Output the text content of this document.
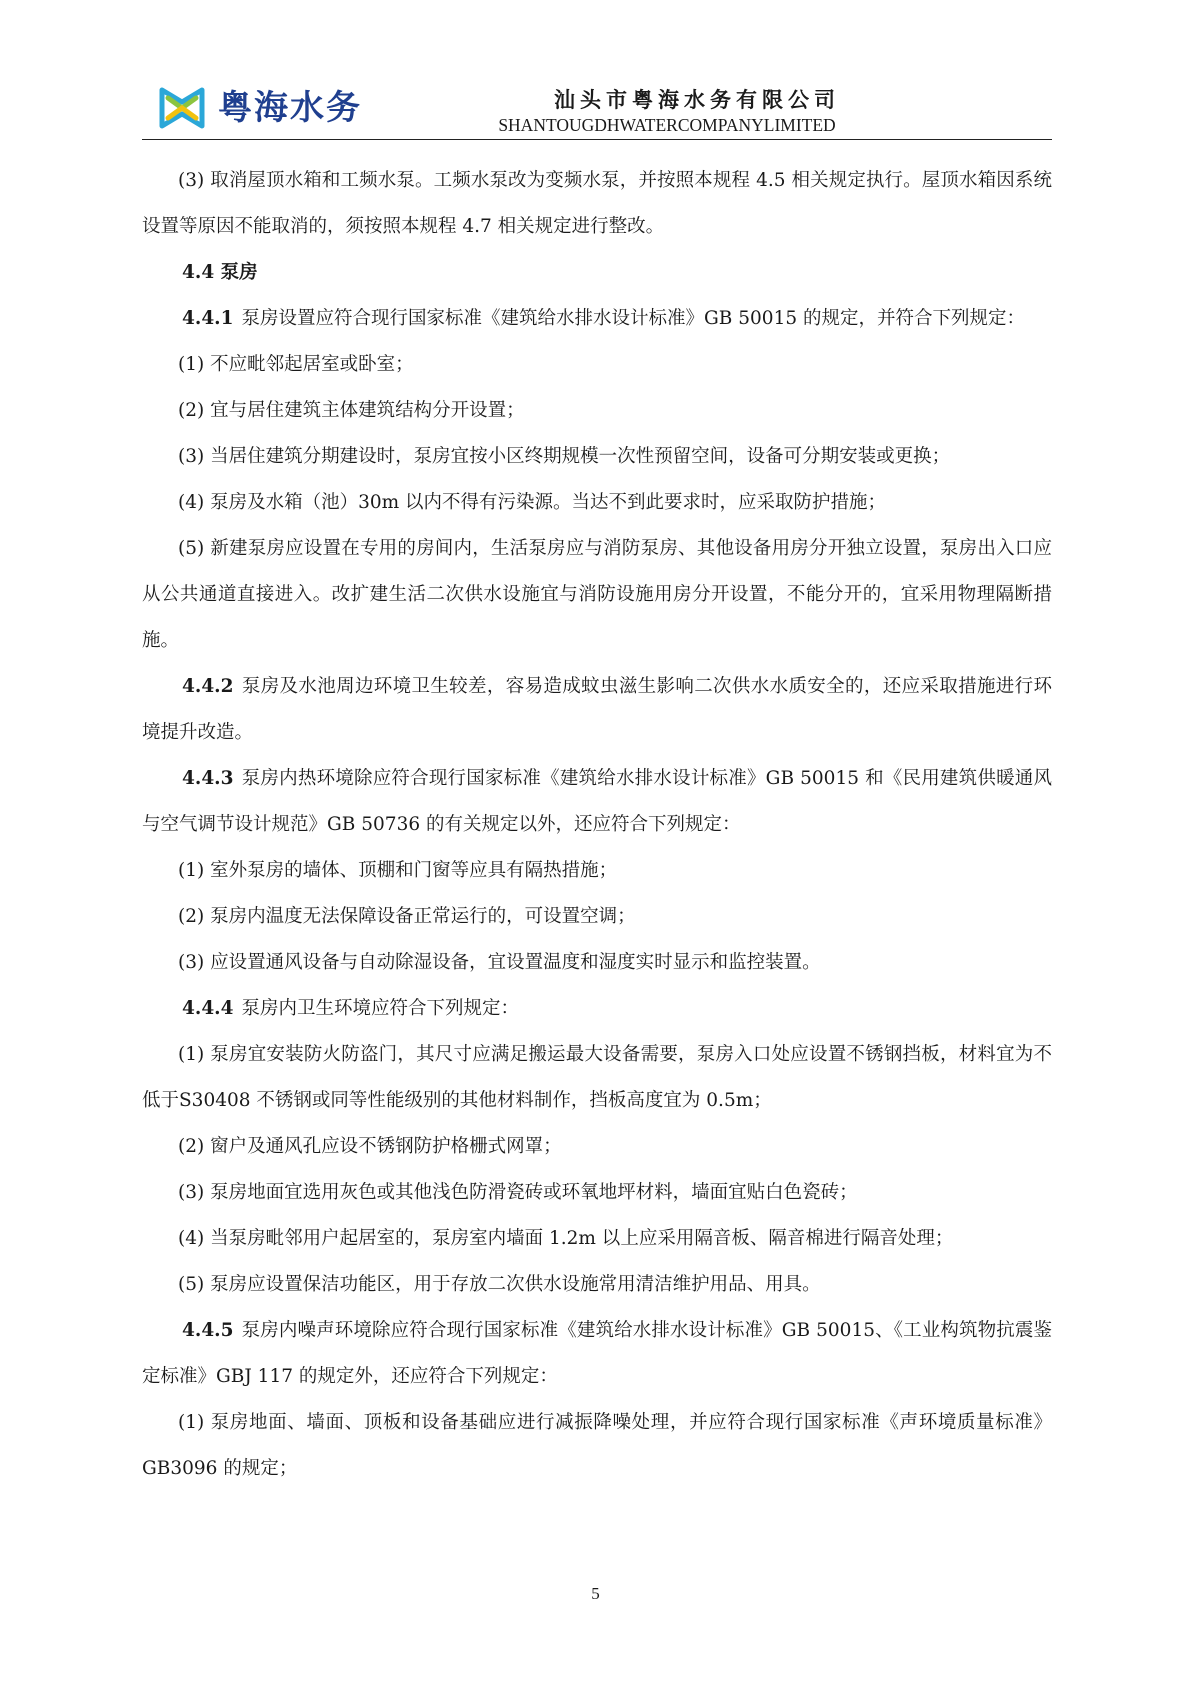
粤海水务	汕头市粤海水务有限公司
SHANTOUGDHWATERCOMPANYLIMITED

(3) 取消屋顶水箱和工频水泵。工频水泵改为变频水泵，并按照本规程 4.5 相关规定执行。屋顶水箱因系统设置等原因不能取消的，须按照本规程 4.7 相关规定进行整改。

4.4 泵房

4.4.1 泵房设置应符合现行国家标准《建筑给水排水设计标准》GB 50015 的规定，并符合下列规定：

(1) 不应毗邻起居室或卧室；

(2) 宜与居住建筑主体建筑结构分开设置；

(3) 当居住建筑分期建设时，泵房宜按小区终期规模一次性预留空间，设备可分期安装或更换；

(4) 泵房及水箱（池）30m 以内不得有污染源。当达不到此要求时，应采取防护措施；

(5) 新建泵房应设置在专用的房间内，生活泵房应与消防泵房、其他设备用房分开独立设置，泵房出入口应从公共通道直接进入。改扩建生活二次供水设施宜与消防设施用房分开设置，不能分开的，宜采用物理隔断措施。

4.4.2 泵房及水池周边环境卫生较差，容易造成蚊虫滋生影响二次供水水质安全的，还应采取措施进行环境提升改造。

4.4.3 泵房内热环境除应符合现行国家标准《建筑给水排水设计标准》GB 50015 和《民用建筑供暖通风与空气调节设计规范》GB 50736 的有关规定以外，还应符合下列规定：

(1) 室外泵房的墙体、顶棚和门窗等应具有隔热措施；

(2) 泵房内温度无法保障设备正常运行的，可设置空调；

(3) 应设置通风设备与自动除湿设备，宜设置温度和湿度实时显示和监控装置。

4.4.4 泵房内卫生环境应符合下列规定：

(1) 泵房宜安装防火防盗门，其尺寸应满足搬运最大设备需要，泵房入口处应设置不锈钢挡板，材料宜为不低于S30408 不锈钢或同等性能级别的其他材料制作，挡板高度宜为 0.5m；

(2) 窗户及通风孔应设不锈钢防护格栅式网罩；

(3) 泵房地面宜选用灰色或其他浅色防滑瓷砖或环氧地坪材料，墙面宜贴白色瓷砖；

(4) 当泵房毗邻用户起居室的，泵房室内墙面 1.2m 以上应采用隔音板、隔音棉进行隔音处理；

(5) 泵房应设置保洁功能区，用于存放二次供水设施常用清洁维护用品、用具。

4.4.5 泵房内噪声环境除应符合现行国家标准《建筑给水排水设计标准》GB 50015、《工业构筑物抗震鉴定标准》GBJ 117 的规定外，还应符合下列规定：

(1) 泵房地面、墙面、顶板和设备基础应进行减振降噪处理，并应符合现行国家标准《声环境质量标准》GB3096 的规定；

5
